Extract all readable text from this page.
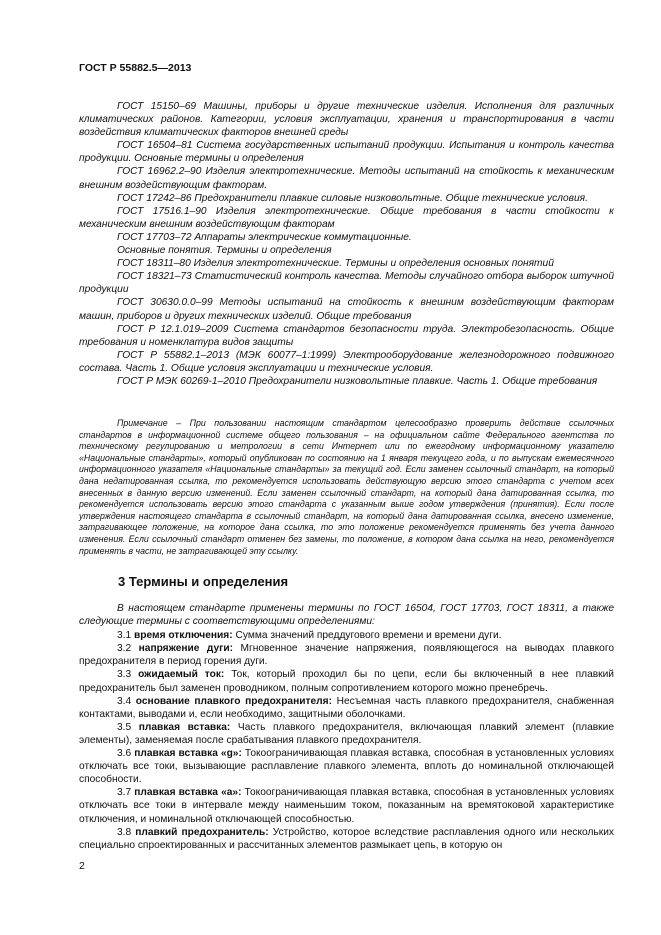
ГОСТ Р 55882.5—2013

ГОСТ 15150–69 Машины, приборы и другие технические изделия. Исполнения для различных климатических районов. Категории, условия эксплуатации, хранения и транспортирования в части воздействия климатических факторов внешней среды

ГОСТ 16504–81 Система государственных испытаний продукции. Испытания и контроль качества продукции. Основные термины и определения

ГОСТ 16962.2–90 Изделия электротехнические. Методы испытаний на стойкость к механическим внешним воздействующим факторам.

ГОСТ 17242–86 Предохранители плавкие силовые низковольтные. Общие технические условия.

ГОСТ 17516.1–90 Изделия электротехнические. Общие требования в части стойкости к механическим внешним воздействующим факторам

ГОСТ 17703–72 Аппараты электрические коммутационные.

Основные понятия. Термины и определения

ГОСТ 18311–80 Изделия электротехнические. Термины и определения основных понятий

ГОСТ 18321–73 Статистический контроль качества. Методы случайного отбора выборок штучной продукции

ГОСТ 30630.0.0–99 Методы испытаний на стойкость к внешним воздействующим факторам машин, приборов и других технических изделий. Общие требования

ГОСТ Р 12.1.019–2009 Система стандартов безопасности труда. Электробезопасность. Общие требования и номенклатура видов защиты

ГОСТ Р 55882.1–2013 (МЭК 60077–1:1999) Электрооборудование железнодорожного подвижного состава. Часть 1. Общие условия эксплуатации и технические условия.

ГОСТ Р МЭК 60269-1–2010 Предохранители низковольтные плавкие. Часть 1. Общие требования

Примечание – При пользовании настоящим стандартом целесообразно проверить действие ссылочных стандартов в информационной системе общего пользования – на официальном сайте Федерального агентства по техническому регулированию и метрологии в сети Интернет или по ежегодному информационному указателю «Национальные стандарты», который опубликован по состоянию на 1 января текущего года, и по выпускам ежемесячного информационного указателя «Национальные стандарты» за текущий год. Если заменен ссылочный стандарт, на который дана недатированная ссылка, то рекомендуется использовать действующую версию этого стандарта с учетом всех внесенных в данную версию изменений. Если заменен ссылочный стандарт, на который дана датированная ссылка, то рекомендуется использовать версию этого стандарта с указанным выше годом утверждения (принятия). Если после утверждения настоящего стандарта в ссылочный стандарт, на который дана датированная ссылка, внесено изменение, затрагивающее положение, на которое дана ссылка, то это положение рекомендуется применять без учета данного изменения. Если ссылочный стандарт отменен без замены, то положение, в котором дана ссылка на него, рекомендуется применять в части, не затрагивающей эту ссылку.
3 Термины и определения

В настоящем стандарте применены термины по ГОСТ 16504, ГОСТ 17703, ГОСТ 18311, а также следующие термины с соответствующими определениями:

3.1 время отключения: Сумма значений преддугового времени и времени дуги.

3.2 напряжение дуги: Мгновенное значение напряжения, появляющегося на выводах плавкого предохранителя в период горения дуги.

3.3 ожидаемый ток: Ток, который проходил бы по цепи, если бы включенный в нее плавкий предохранитель был заменен проводником, полным сопротивлением которого можно пренебречь.

3.4 основание плавкого предохранителя: Несъемная часть плавкого предохранителя, снабженная контактами, выводами и, если необходимо, защитными оболочками.

3.5 плавкая вставка: Часть плавкого предохранителя, включающая плавкий элемент (плавкие элементы), заменяемая после срабатывания плавкого предохранителя.

3.6 плавкая вставка «g»: Токоограничивающая плавкая вставка, способная в установленных условиях отключать все токи, вызывающие расплавление плавкого элемента, вплоть до номинальной отключающей способности.

3.7 плавкая вставка «а»: Токоограничивающая плавкая вставка, способная в установленных условиях отключать все токи в интервале между наименьшим током, показанным на времятоковой характеристике отключения, и номинальной отключающей способностью.

3.8 плавкий предохранитель: Устройство, которое вследствие расплавления одного или нескольких специально спроектированных и рассчитанных элементов размыкает цепь, в которую он

2
